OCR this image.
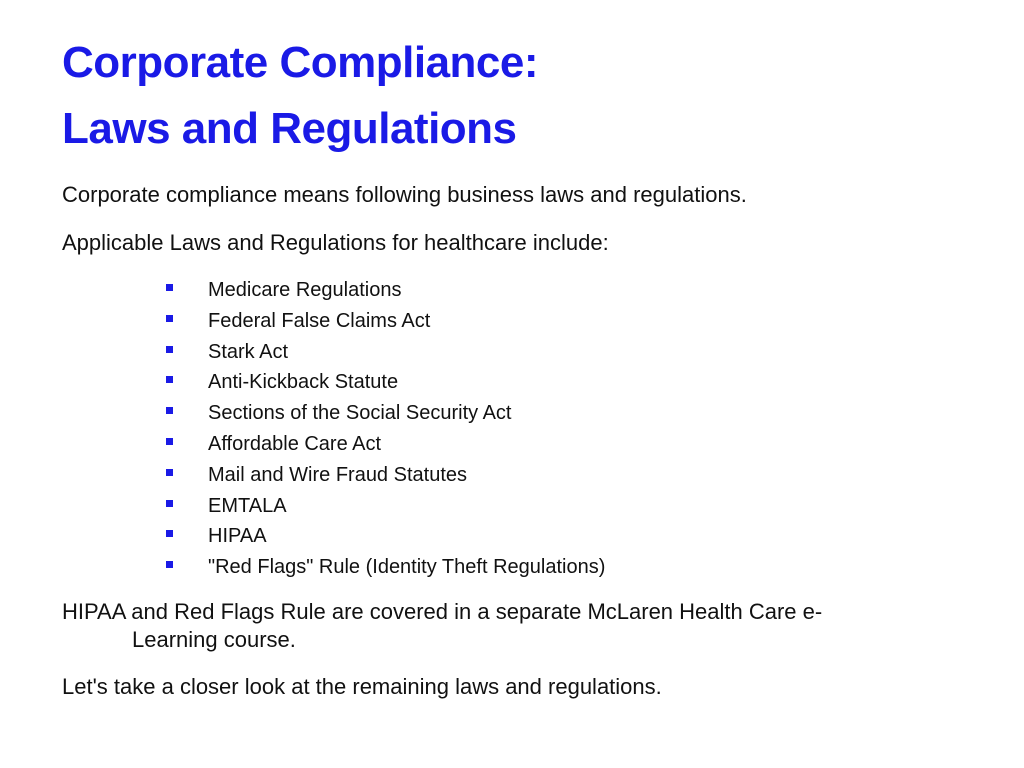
Corporate Compliance:
Laws and Regulations

Corporate compliance means following business laws and regulations.

Applicable Laws and Regulations for healthcare include:

Medicare Regulations
Federal False Claims Act
Stark Act
Anti-Kickback Statute
Sections of the Social Security Act
Affordable Care Act
Mail and Wire Fraud Statutes
EMTALA
HIPAA
"Red Flags" Rule (Identity Theft Regulations)

HIPAA and Red Flags Rule are covered in a separate McLaren Health Care e-
Learning course.

Let's take a closer look at the remaining laws and regulations.
